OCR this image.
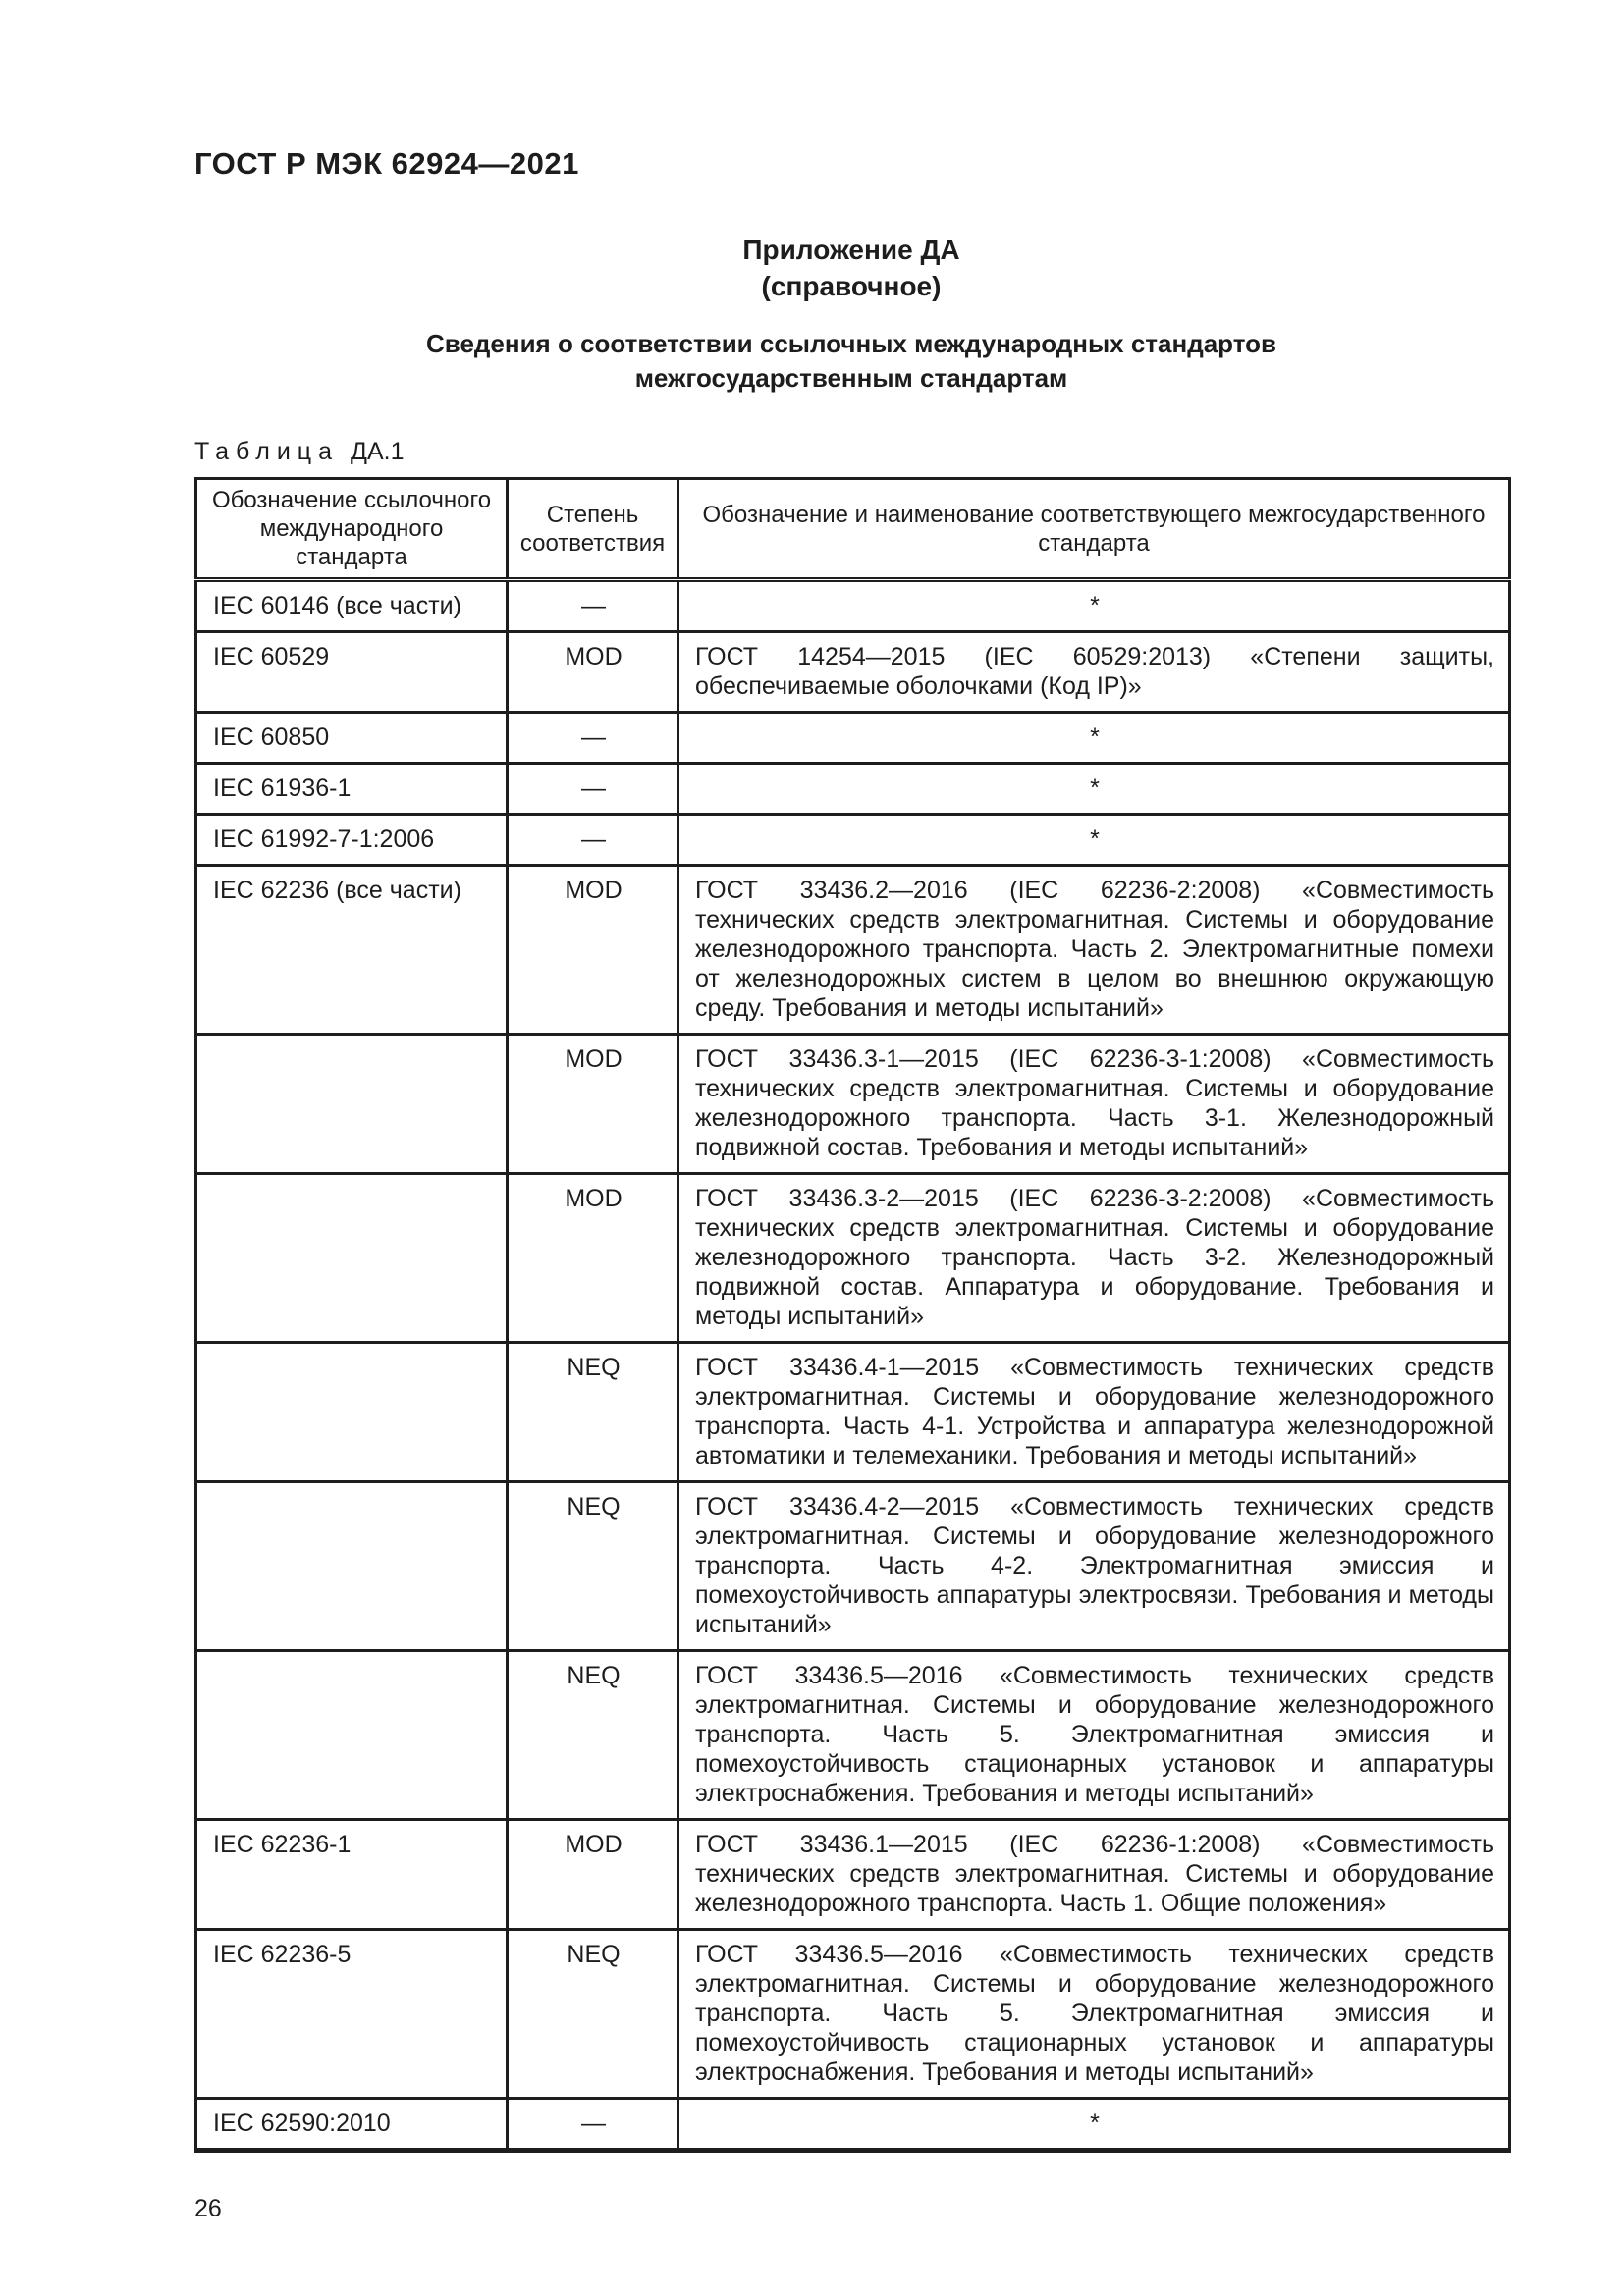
ГОСТ Р МЭК 62924—2021
Приложение ДА
(справочное)
Сведения о соответствии ссылочных международных стандартов
межгосударственным стандартам
Таблица ДА.1
Обозначение ссылочного международного стандарта	Степень соответствия	Обозначение и наименование соответствующего межгосударственного стандарта
IEC 60146 (все части)	—	*
IEC 60529	MOD	ГОСТ 14254—2015 (IEC 60529:2013) «Степени защиты, обеспечиваемые оболочками (Код IP)»
IEC 60850	—	*
IEC 61936-1	—	*
IEC 61992-7-1:2006	—	*
IEC 62236 (все части)	MOD	ГОСТ 33436.2—2016 (IEC 62236-2:2008) «Совместимость технических средств электромагнитная. Системы и оборудование железнодорожного транспорта. Часть 2. Электромагнитные помехи от железнодорожных систем в целом во внешнюю окружающую среду. Требования и методы испытаний»
	MOD	ГОСТ 33436.3-1—2015 (IEC 62236-3-1:2008) «Совместимость технических средств электромагнитная. Системы и оборудование железнодорожного транспорта. Часть 3-1. Железнодорожный подвижной состав. Требования и методы испытаний»
	MOD	ГОСТ 33436.3-2—2015 (IEC 62236-3-2:2008) «Совместимость технических средств электромагнитная. Системы и оборудование железнодорожного транспорта. Часть 3-2. Железнодорожный подвижной состав. Аппаратура и оборудование. Требования и методы испытаний»
	NEQ	ГОСТ 33436.4-1—2015 «Совместимость технических средств электромагнитная. Системы и оборудование железнодорожного транспорта. Часть 4-1. Устройства и аппаратура железнодорожной автоматики и телемеханики. Требования и методы испытаний»
	NEQ	ГОСТ 33436.4-2—2015 «Совместимость технических средств электромагнитная. Системы и оборудование железнодорожного транспорта. Часть 4-2. Электромагнитная эмиссия и помехоустойчивость аппаратуры электросвязи. Требования и методы испытаний»
	NEQ	ГОСТ 33436.5—2016 «Совместимость технических средств электромагнитная. Системы и оборудование железнодорожного транспорта. Часть 5. Электромагнитная эмиссия и помехоустойчивость стационарных установок и аппаратуры электроснабжения. Требования и методы испытаний»
IEC 62236-1	MOD	ГОСТ 33436.1—2015 (IEC 62236-1:2008) «Совместимость технических средств электромагнитная. Системы и оборудование железнодорожного транспорта. Часть 1. Общие положения»
IEC 62236-5	NEQ	ГОСТ 33436.5—2016 «Совместимость технических средств электромагнитная. Системы и оборудование железнодорожного транспорта. Часть 5. Электромагнитная эмиссия и помехоустойчивость стационарных установок и аппаратуры электроснабжения. Требования и методы испытаний»
IEC 62590:2010	—	*
26
